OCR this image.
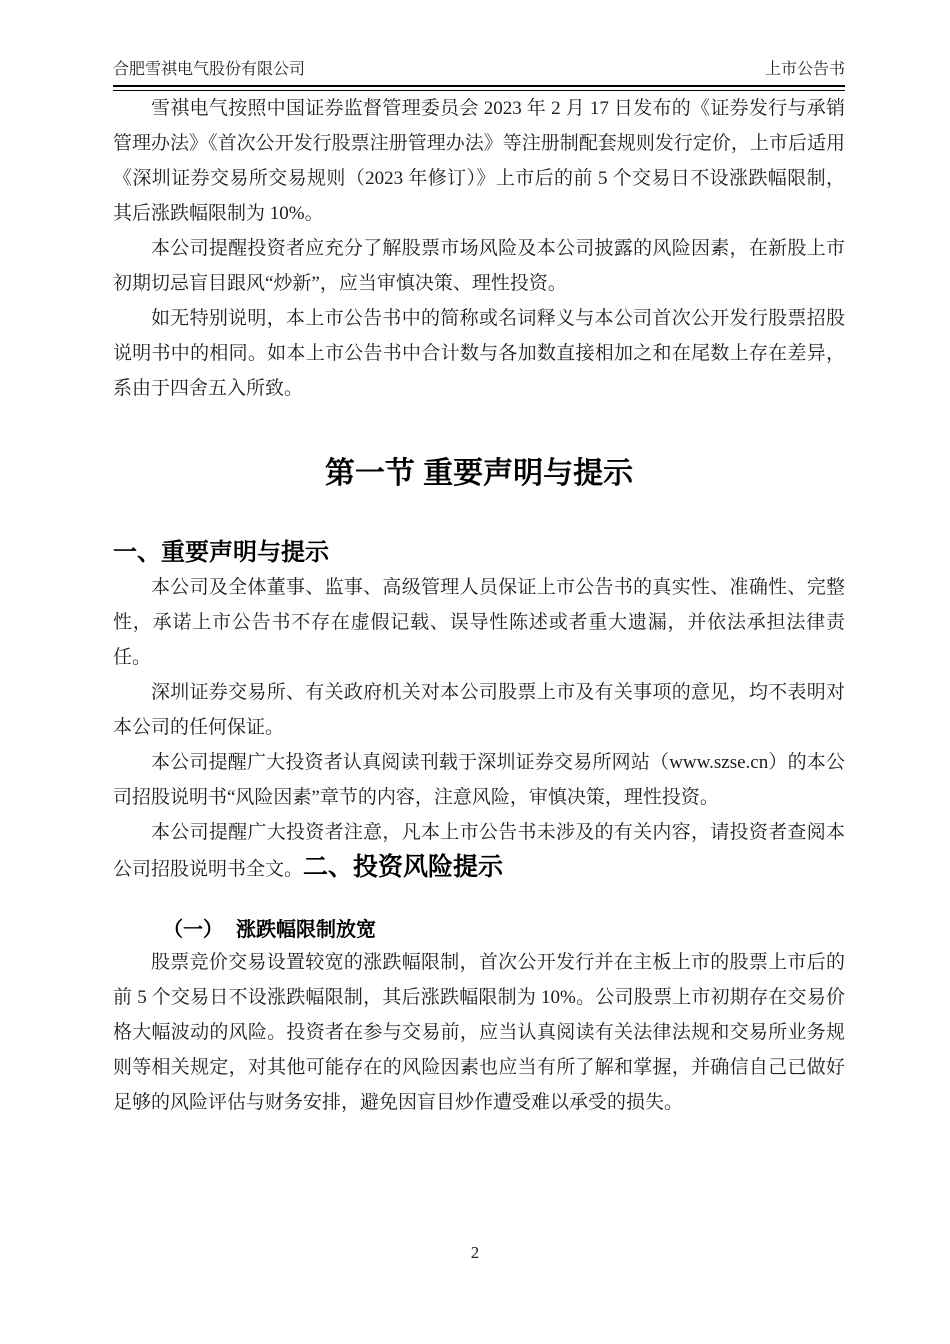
合肥雪祺电气股份有限公司	上市公告书

雪祺电气按照中国证券监督管理委员会 2023 年 2 月 17 日发布的《证券发行与承销管理办法》《首次公开发行股票注册管理办法》等注册制配套规则发行定价，上市后适用《深圳证券交易所交易规则（2023 年修订）》上市后的前 5 个交易日不设涨跌幅限制，其后涨跌幅限制为 10%。

本公司提醒投资者应充分了解股票市场风险及本公司披露的风险因素，在新股上市初期切忌盲目跟风“炒新”，应当审慎决策、理性投资。

如无特别说明，本上市公告书中的简称或名词释义与本公司首次公开发行股票招股说明书中的相同。如本上市公告书中合计数与各加数直接相加之和在尾数上存在差异，系由于四舍五入所致。

第一节 重要声明与提示
一、重要声明与提示

本公司及全体董事、监事、高级管理人员保证上市公告书的真实性、准确性、完整性，承诺上市公告书不存在虚假记载、误导性陈述或者重大遗漏，并依法承担法律责任。

深圳证券交易所、有关政府机关对本公司股票上市及有关事项的意见，均不表明对本公司的任何保证。

本公司提醒广大投资者认真阅读刊载于深圳证券交易所网站（www.szse.cn）的本公司招股说明书“风险因素”章节的内容，注意风险，审慎决策，理性投资。

本公司提醒广大投资者注意，凡本上市公告书未涉及的有关内容，请投资者查阅本公司招股说明书全文。二、投资风险提示

（一） 涨跌幅限制放宽

股票竞价交易设置较宽的涨跌幅限制，首次公开发行并在主板上市的股票上市后的前 5 个交易日不设涨跌幅限制，其后涨跌幅限制为 10%。公司股票上市初期存在交易价格大幅波动的风险。投资者在参与交易前，应当认真阅读有关法律法规和交易所业务规则等相关规定，对其他可能存在的风险因素也应当有所了解和掌握，并确信自己已做好足够的风险评估与财务安排，避免因盲目炒作遭受难以承受的损失。

2
